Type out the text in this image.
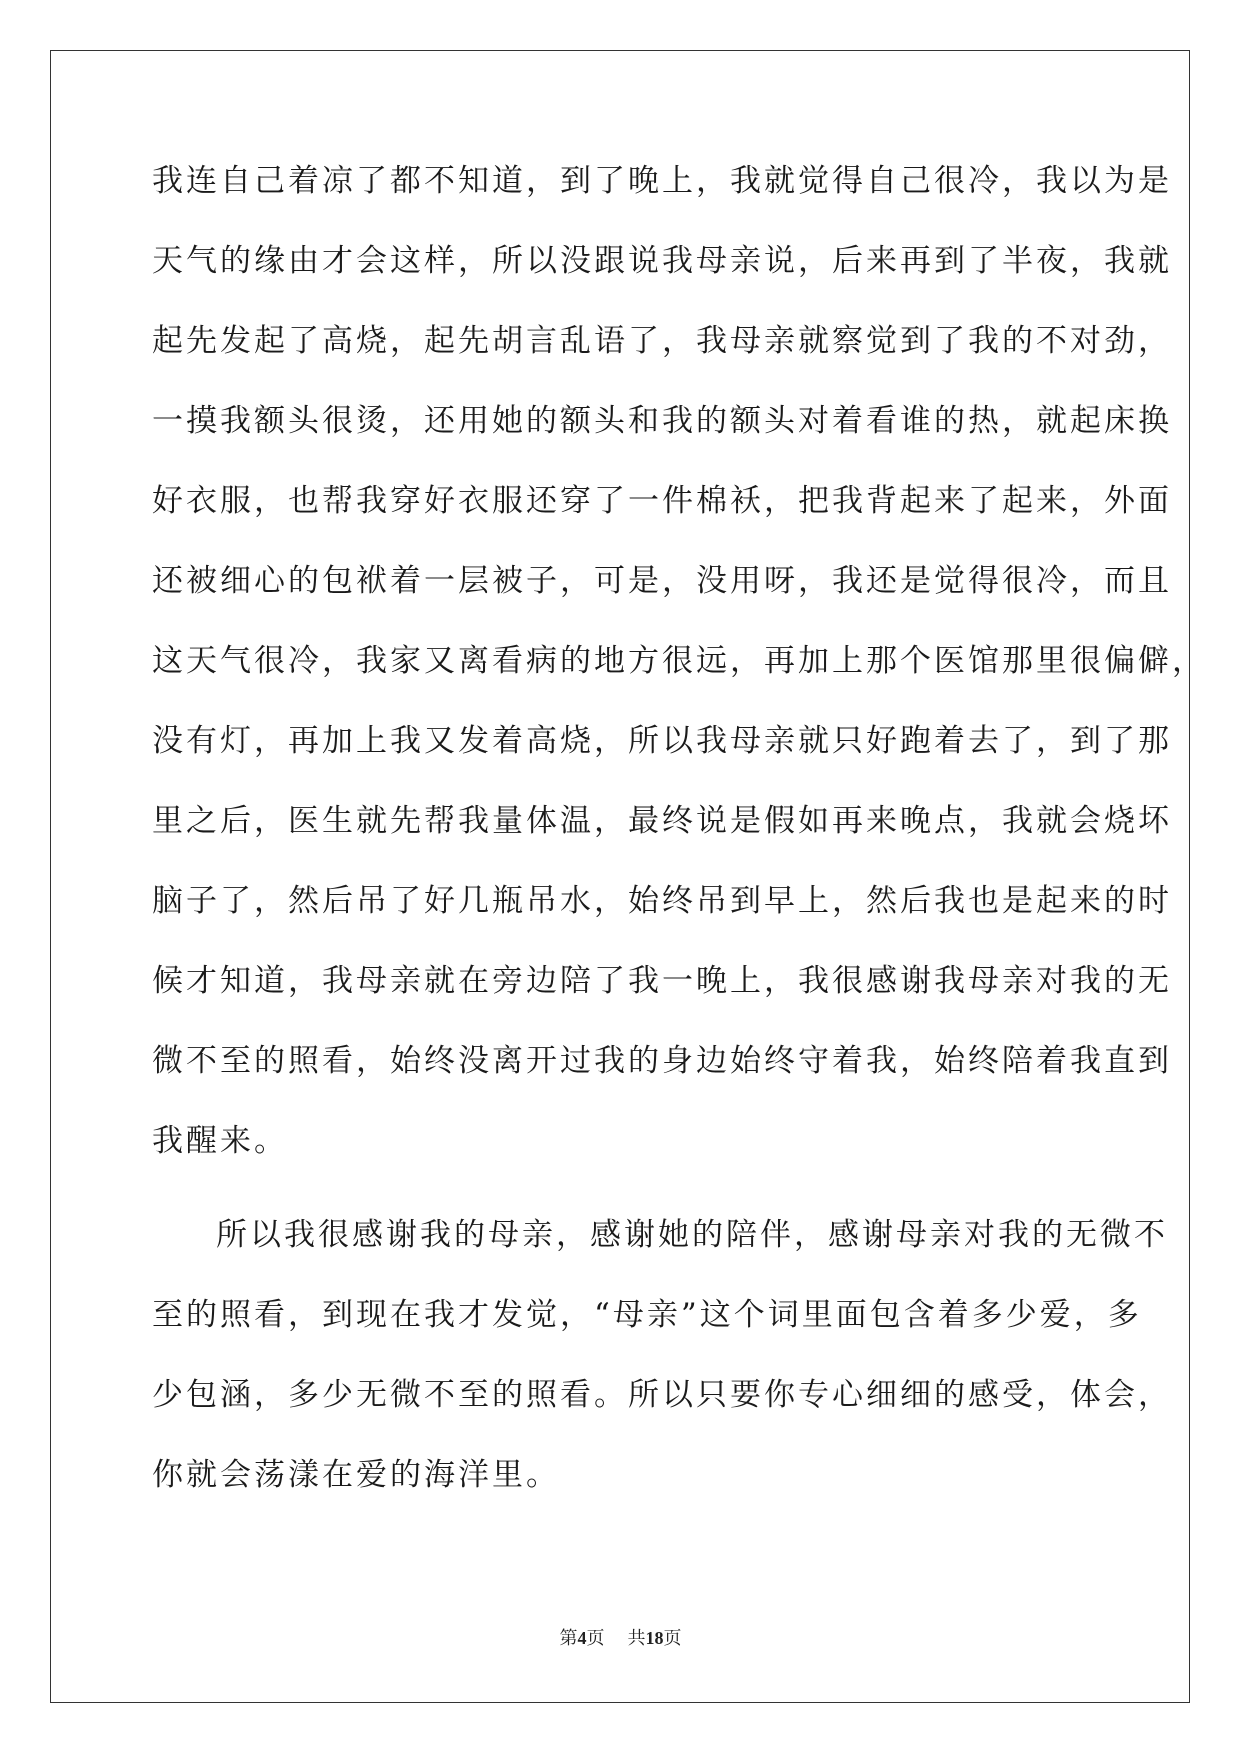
我连自己着凉了都不知道，到了晚上，我就觉得自己很冷，我以为是
天气的缘由才会这样，所以没跟说我母亲说，后来再到了半夜，我就
起先发起了高烧，起先胡言乱语了，我母亲就察觉到了我的不对劲，
一摸我额头很烫，还用她的额头和我的额头对着看谁的热，就起床换
好衣服，也帮我穿好衣服还穿了一件棉袄，把我背起来了起来，外面
还被细心的包袱着一层被子，可是，没用呀，我还是觉得很冷，而且
这天气很冷，我家又离看病的地方很远，再加上那个医馆那里很偏僻，
没有灯，再加上我又发着高烧，所以我母亲就只好跑着去了，到了那
里之后，医生就先帮我量体温，最终说是假如再来晚点，我就会烧坏
脑子了，然后吊了好几瓶吊水，始终吊到早上，然后我也是起来的时
候才知道，我母亲就在旁边陪了我一晚上，我很感谢我母亲对我的无
微不至的照看，始终没离开过我的身边始终守着我，始终陪着我直到
我醒来。
所以我很感谢我的母亲，感谢她的陪伴，感谢母亲对我的无微不
至的照看，到现在我才发觉，“母亲”这个词里面包含着多少爱，多
少包涵，多少无微不至的照看。所以只要你专心细细的感受，体会，
你就会荡漾在爱的海洋里。
第4页 共18页
